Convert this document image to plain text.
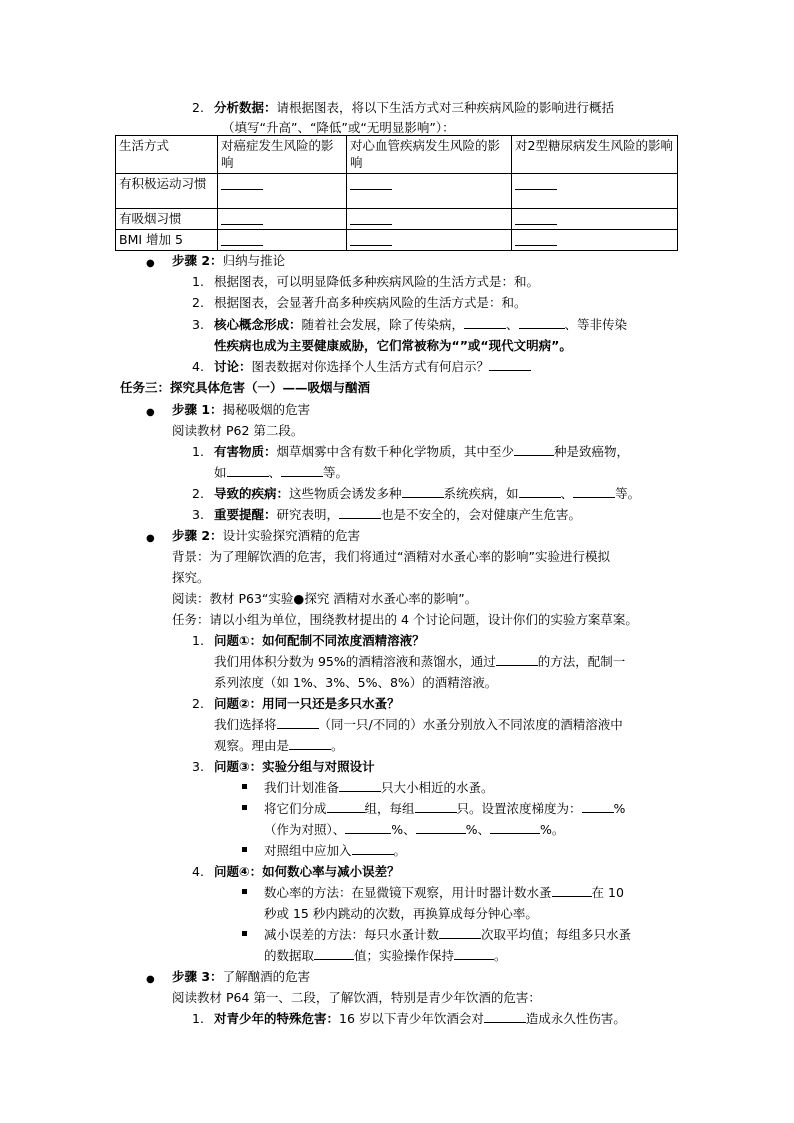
2. 分析数据：请根据图表，将以下生活方式对三种疾病风险的影响进行概括
（填写“升高”、“降低”或“无明显影响”）：
生活方式	对癌症发生风险的影响	对心血管疾病发生风险的影响	对2型糖尿病发生风险的影响
有积极运动习惯			
有吸烟习惯			
BMI 增加 5			
● 步骤 2：归纳与推论
1. 根据图表，可以明显降低多种疾病风险的生活方式是：和。
2. 根据图表，会显著升高多种疾病风险的生活方式是：和。
3. 核心概念形成：随着社会发展，除了传染病，	、	、等非传染
性疾病也成为主要健康威胁，它们常被称为“”或“现代文明病”。
4. 讨论：图表数据对你选择个人生活方式有何启示？
任务三：探究具体危害（一）——吸烟与酗酒
● 步骤 1：揭秘吸烟的危害
阅读教材 P62 第二段。
1. 有害物质：烟草烟雾中含有数千种化学物质，其中至少	种是致癌物，
如	、	等。
2. 导致的疾病：这些物质会诱发多种	系统疾病，如	、	等。
3. 重要提醒：研究表明，	也是不安全的，会对健康产生危害。
● 步骤 2：设计实验探究酒精的危害
背景：为了理解饮酒的危害，我们将通过“酒精对水蚤心率的影响”实验进行模拟
探究。
阅读：教材 P63“实验●探究 酒精对水蚤心率的影响”。
任务：请以小组为单位，围绕教材提出的 4 个讨论问题，设计你们的实验方案草案。
1. 问题①：如何配制不同浓度酒精溶液？
我们用体积分数为 95%的酒精溶液和蒸馏水，通过	的方法，配制一
系列浓度（如 1%、3%、5%、8%）的酒精溶液。
2. 问题②：用同一只还是多只水蚤？
我们选择将	（同一只/不同的）水蚤分别放入不同浓度的酒精溶液中
观察。理由是	。
3. 问题③：实验分组与对照设计
我们计划准备	只大小相近的水蚤。
将它们分成	组，每组	只。设置浓度梯度为：	%
（作为对照）、	%、	%、	%。
对照组中应加入	。
4. 问题④：如何数心率与减小误差？
数心率的方法：在显微镜下观察，用计时器计数水蚤	在 10
秒或 15 秒内跳动的次数，再换算成每分钟心率。
减小误差的方法：每只水蚤计数	次取平均值；每组多只水蚤
的数据取	值；实验操作保持	。
● 步骤 3：了解酗酒的危害
阅读教材 P64 第一、二段，了解饮酒，特别是青少年饮酒的危害：
1. 对青少年的特殊危害：16 岁以下青少年饮酒会对	造成永久性伤害。
